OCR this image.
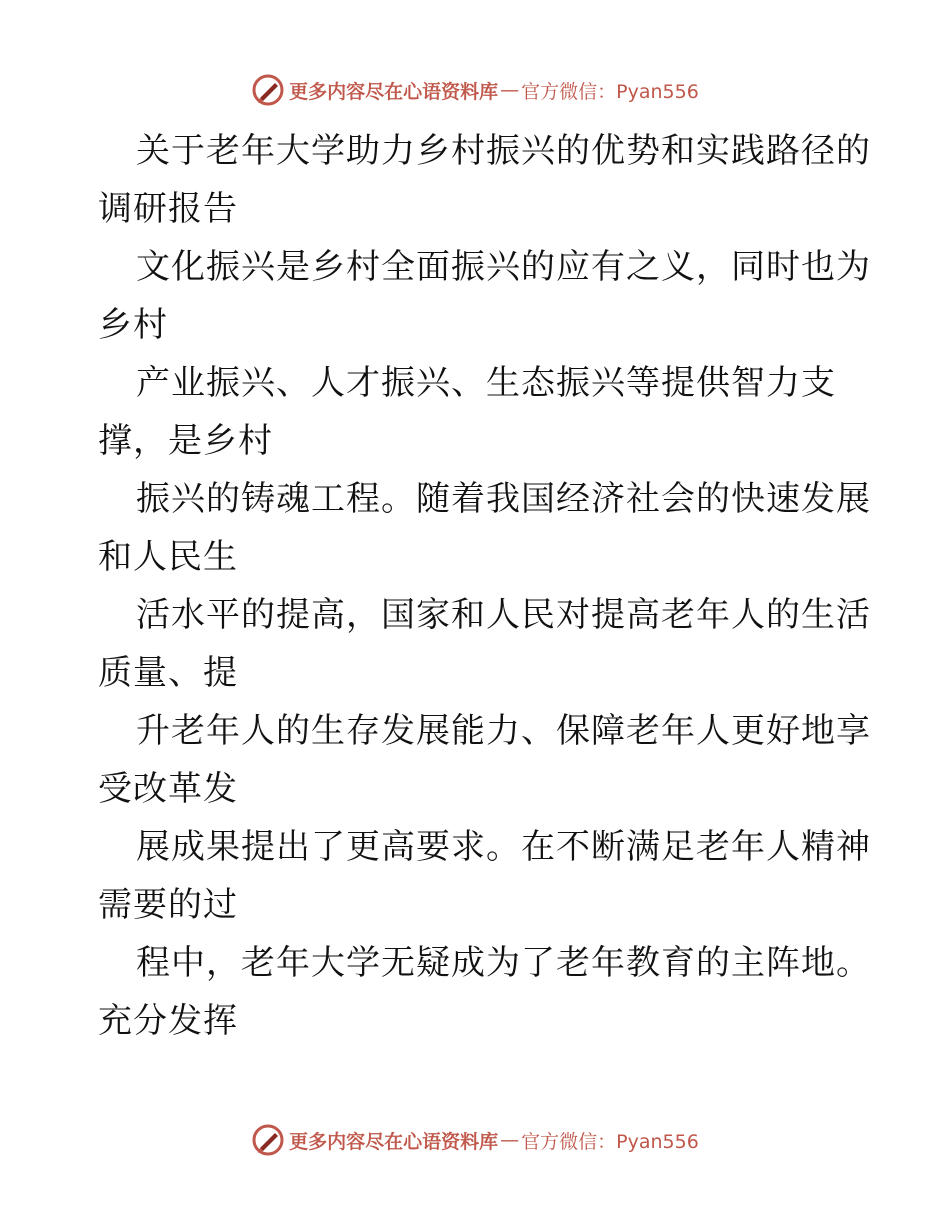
更多内容尽在心语资料库 — 官方微信：Pyan556
关于老年大学助力乡村振兴的优势和实践路径的
调研报告
文化振兴是乡村全面振兴的应有之义，同时也为
乡村
产业振兴、人才振兴、生态振兴等提供智力支
撑，是乡村
振兴的铸魂工程。随着我国经济社会的快速发展
和人民生
活水平的提高，国家和人民对提高老年人的生活
质量、提
升老年人的生存发展能力、保障老年人更好地享
受改革发
展成果提出了更高要求。在不断满足老年人精神
需要的过
程中，老年大学无疑成为了老年教育的主阵地。
充分发挥
更多内容尽在心语资料库 — 官方微信：Pyan556
